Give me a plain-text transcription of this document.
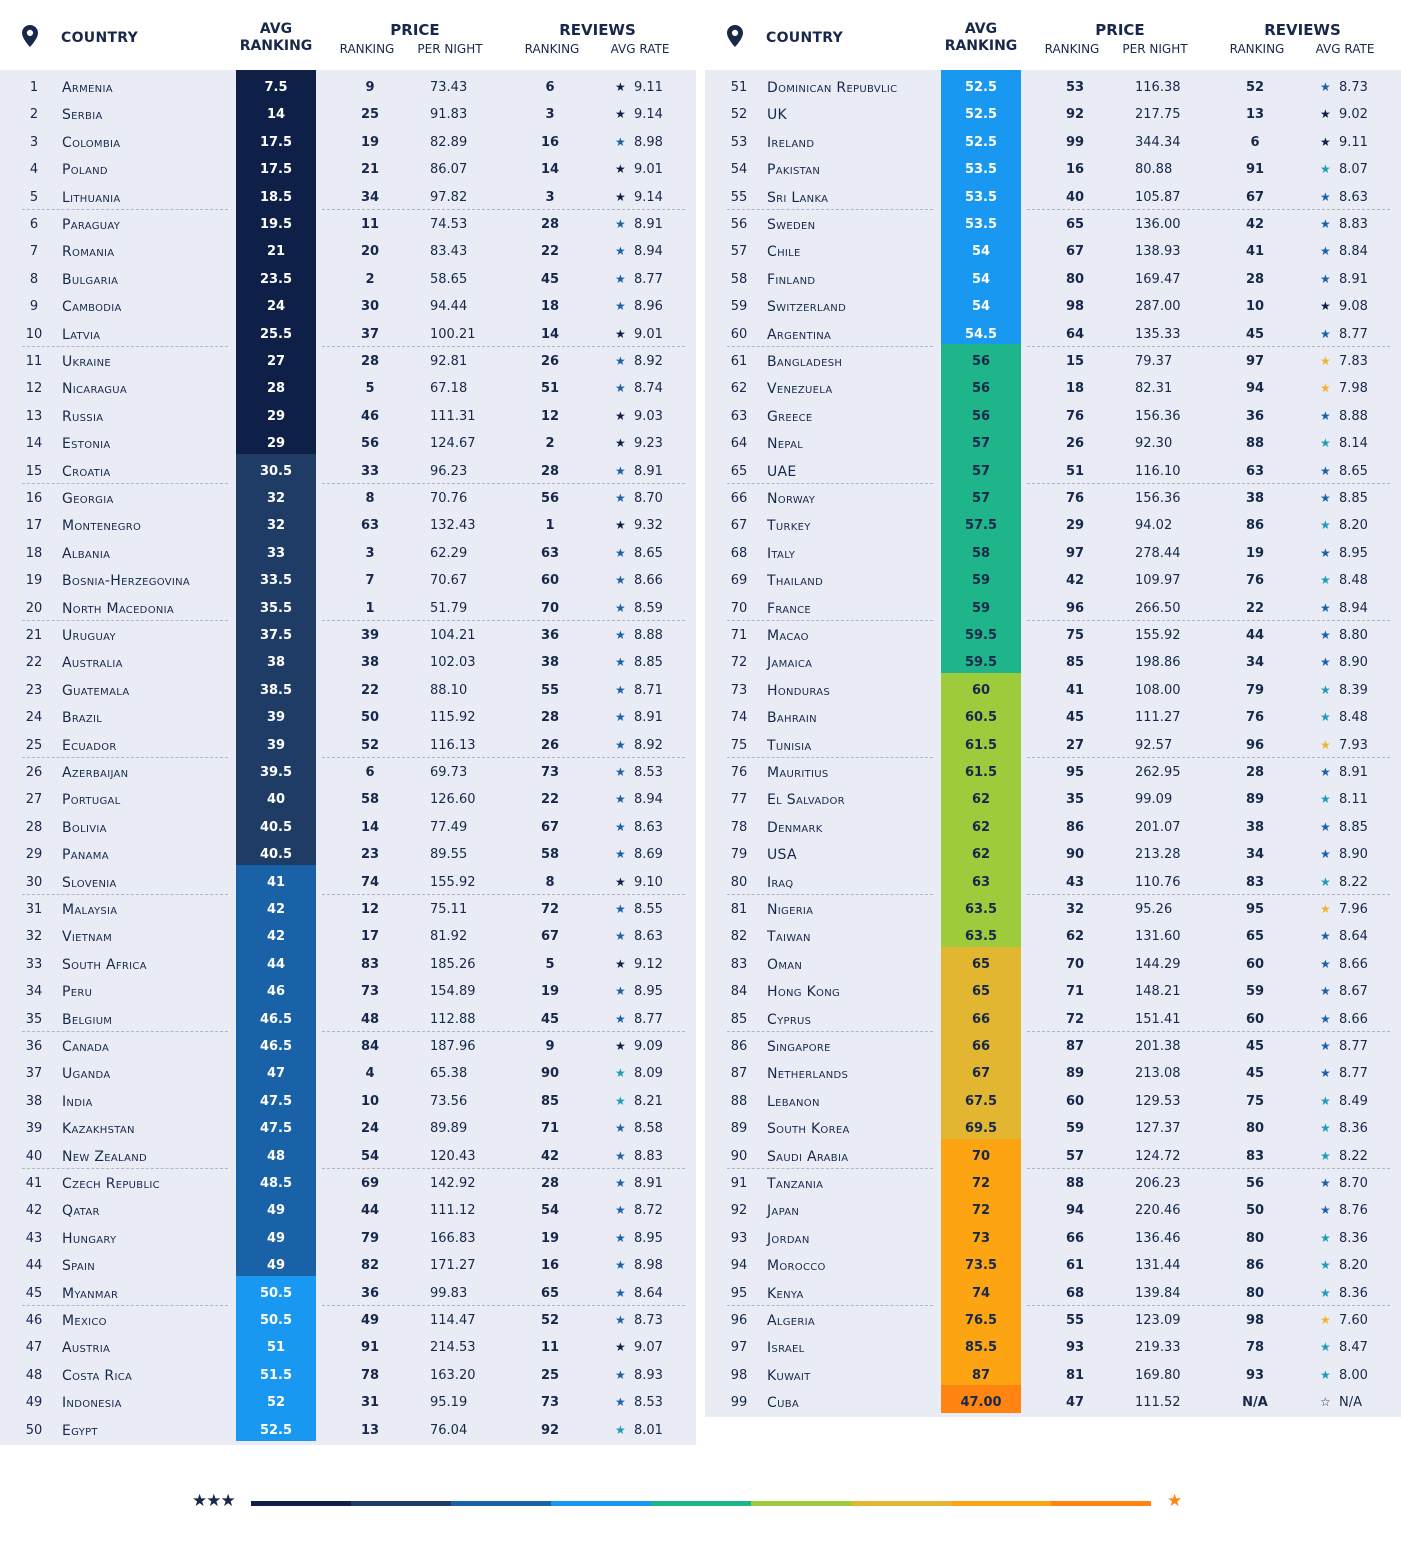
COUNTRY
AVG
RANKING
PRICE	REVIEWS
RANKING	PER NIGHT	RANKING	AVG RATE
1	Armenia	7.5	9	73.43	6	★ 9.11
2	Serbia	14	25	91.83	3	★ 9.14
3	Colombia	17.5	19	82.89	16	★ 8.98
4	Poland	17.5	21	86.07	14	★ 9.01
5	Lithuania	18.5	34	97.82	3	★ 9.14
6	Paraguay	19.5	11	74.53	28	★ 8.91
7	Romania	21	20	83.43	22	★ 8.94
8	Bulgaria	23.5	2	58.65	45	★ 8.77
9	Cambodia	24	30	94.44	18	★ 8.96
10 Latvia	25.5	37	100.21	14	★ 9.01
11 Ukraine	27	28	92.81	26	★ 8.92
12 Nicaragua	28	5	67.18	51	★ 8.74
13 Russia	29	46	111.31	12	★ 9.03
14 Estonia	29	56	124.67	2	★ 9.23
15 Croatia	30.5	33	96.23	28	★ 8.91
16 Georgia	32	8	70.76	56	★ 8.70
17 Montenegro	32	63	132.43	1	★ 9.32
18 Albania	33	3	62.29	63	★ 8.65
19 Bosnia-Herzegovina	33.5	7	70.67	60	★ 8.66
20 North Macedonia	35.5	1	51.79	70	★ 8.59
21 Uruguay	37.5	39	104.21	36	★ 8.88
22 Australia	38	38	102.03	38	★ 8.85
23 Guatemala	38.5	22	88.10	55	★ 8.71
24 Brazil	39	50	115.92	28	★ 8.91
25 Ecuador	39	52	116.13	26	★ 8.92
26 Azerbaijan	39.5	6	69.73	73	★ 8.53
27 Portugal	40	58	126.60	22	★ 8.94
28 Bolivia	40.5	14	77.49	67	★ 8.63
29 Panama	40.5	23	89.55	58	★ 8.69
30 Slovenia	41	74	155.92	8	★ 9.10
31 Malaysia	42	12	75.11	72	★ 8.55
32 Vietnam	42	17	81.92	67	★ 8.63
33 South Africa	44	83	185.26	5	★ 9.12
34 Peru	46	73	154.89	19	★ 8.95
35 Belgium	46.5	48	112.88	45	★ 8.77
36 Canada	46.5	84	187.96	9	★ 9.09
37 Uganda	47	4	65.38	90	★ 8.09
38 India	47.5	10	73.56	85	★ 8.21
39 Kazakhstan	47.5	24	89.89	71	★ 8.58
40 New Zealand	48	54	120.43	42	★ 8.83
41 Czech Republic	48.5	69	142.92	28	★ 8.91
42 Qatar	49	44	111.12	54	★ 8.72
43 Hungary	49	79	166.83	19	★ 8.95
44 Spain	49	82	171.27	16	★ 8.98
45 Myanmar	50.5	36	99.83	65	★ 8.64
46 Mexico	50.5	49	114.47	52	★ 8.73
47 Austria	51	91	214.53	11	★ 9.07
48 Costa Rica	51.5	78	163.20	25	★ 8.93
49 Indonesia	52	31	95.19	73	★ 8.53
50 Egypt	52.5	13	76.04	92	★ 8.01
COUNTRY
AVG
RANKING
PRICE	REVIEWS
RANKING	PER NIGHT	RANKING	AVG RATE
51 Dominican Repubvlic	52.5	53	116.38	52	★ 8.73
52 UK	52.5	92	217.75	13	★ 9.02
53 Ireland	52.5	99	344.34	6	★ 9.11
54 Pakistan	53.5	16	80.88	91	★ 8.07
55 Sri Lanka	53.5	40	105.87	67	★ 8.63
56 Sweden	53.5	65	136.00	42	★ 8.83
57 Chile	54	67	138.93	41	★ 8.84
58 Finland	54	80	169.47	28	★ 8.91
59 Switzerland	54	98	287.00	10	★ 9.08
60 Argentina	54.5	64	135.33	45	★ 8.77
61 Bangladesh	56	15	79.37	97	★ 7.83
62 Venezuela	56	18	82.31	94	★ 7.98
63 Greece	56	76	156.36	36	★ 8.88
64 Nepal	57	26	92.30	88	★ 8.14
65 UAE	57	51	116.10	63	★ 8.65
66 Norway	57	76	156.36	38	★ 8.85
67 Turkey	57.5	29	94.02	86	★ 8.20
68 Italy	58	97	278.44	19	★ 8.95
69 Thailand	59	42	109.97	76	★ 8.48
70 France	59	96	266.50	22	★ 8.94
71 Macao	59.5	75	155.92	44	★ 8.80
72 Jamaica	59.5	85	198.86	34	★ 8.90
73 Honduras	60	41	108.00	79	★ 8.39
74 Bahrain	60.5	45	111.27	76	★ 8.48
75 Tunisia	61.5	27	92.57	96	★ 7.93
76 Mauritius	61.5	95	262.95	28	★ 8.91
77 El Salvador	62	35	99.09	89	★ 8.11
78 Denmark	62	86	201.07	38	★ 8.85
79 USA	62	90	213.28	34	★ 8.90
80 Iraq	63	43	110.76	83	★ 8.22
81 Nigeria	63.5	32	95.26	95	★ 7.96
82 Taiwan	63.5	62	131.60	65	★ 8.64
83 Oman	65	70	144.29	60	★ 8.66
84 Hong Kong	65	71	148.21	59	★ 8.67
85 Cyprus	66	72	151.41	60	★ 8.66
86 Singapore	66	87	201.38	45	★ 8.77
87 Netherlands	67	89	213.08	45	★ 8.77
88 Lebanon	67.5	60	129.53	75	★ 8.49
89 South Korea	69.5	59	127.37	80	★ 8.36
90 Saudi Arabia	70	57	124.72	83	★ 8.22
91 Tanzania	72	88	206.23	56	★ 8.70
92 Japan	72	94	220.46	50	★ 8.76
93 Jordan	73	66	136.46	80	★ 8.36
94 Morocco	73.5	61	131.44	86	★ 8.20
95 Kenya	74	68	139.84	80	★ 8.36
96 Algeria	76.5	55	123.09	98	★ 7.60
97 Israel	85.5	93	219.33	78	★ 8.47
98 Kuwait	87	81	169.80	93	★ 8.00
99 Cuba	47.00	47	111.52	N/A	☆ N/A
★★★	★
